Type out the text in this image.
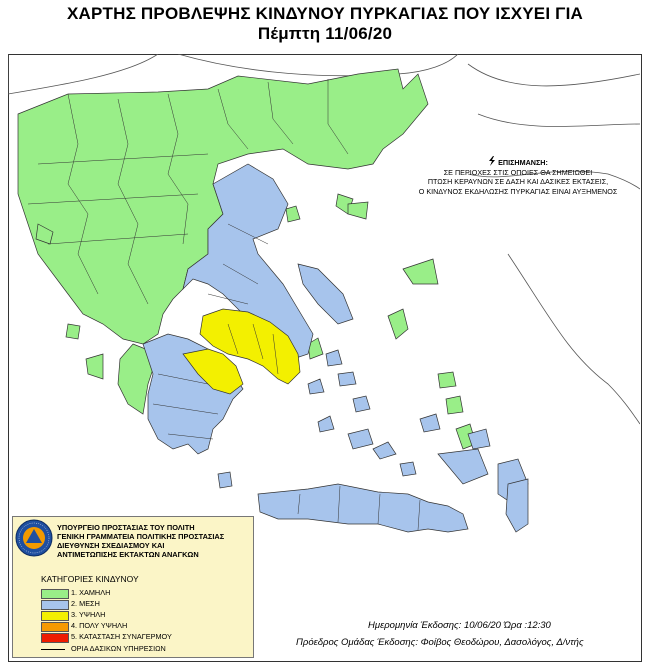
ΧΑΡΤΗΣ ΠΡΟΒΛΕΨΗΣ ΚΙΝΔΥΝΟΥ ΠΥΡΚΑΓΙΑΣ ΠΟΥ ΙΣΧΥΕΙ ΓΙΑ
Πέμπτη 11/06/20
ΕΠΙΣΗΜΑΝΣΗ:
ΣΕ ΠΕΡΙΟΧΕΣ ΣΤΙΣ ΟΠΟΙΕΣ ΘΑ ΣΗΜΕΙΩΘΕΙ
ΠΤΩΣΗ ΚΕΡΑΥΝΩΝ ΣΕ ΔΑΣΗ ΚΑΙ ΔΑΣΙΚΕΣ ΕΚΤΑΣΕΙΣ,
Ο ΚΙΝΔΥΝΟΣ ΕΚΔΗΛΩΣΗΣ ΠΥΡΚΑΓΙΑΣ ΕΙΝΑΙ ΑΥΞΗΜΕΝΟΣ
ΥΠΟΥΡΓΕΙΟ ΠΡΟΣΤΑΣΙΑΣ ΤΟΥ ΠΟΛΙΤΗ
ΓΕΝΙΚΗ ΓΡΑΜΜΑΤΕΙΑ ΠΟΛΙΤΙΚΗΣ ΠΡΟΣΤΑΣΙΑΣ
ΔΙΕΥΘΥΝΣΗ ΣΧΕΔΙΑΣΜΟΥ ΚΑΙ
ΑΝΤΙΜΕΤΩΠΙΣΗΣ ΕΚΤΑΚΤΩΝ ΑΝΑΓΚΩΝ
ΚΑΤΗΓΟΡΙΕΣ ΚΙΝΔΥΝΟΥ
1. ΧΑΜΗΛΗ
2. ΜΕΣΗ
3. ΥΨΗΛΗ
4. ΠΟΛΥ ΥΨΗΛΗ
5. ΚΑΤΑΣΤΑΣΗ ΣΥΝΑΓΕΡΜΟΥ
ΟΡΙΑ ΔΑΣΙΚΩΝ ΥΠΗΡΕΣΙΩΝ
Ημερομηνία Έκδοσης: 10/06/20 Ώρα :12:30
Πρόεδρος Ομάδας Έκδοσης: Φοίβος Θεοδώρου, Δασολόγος, Δ/ντής
